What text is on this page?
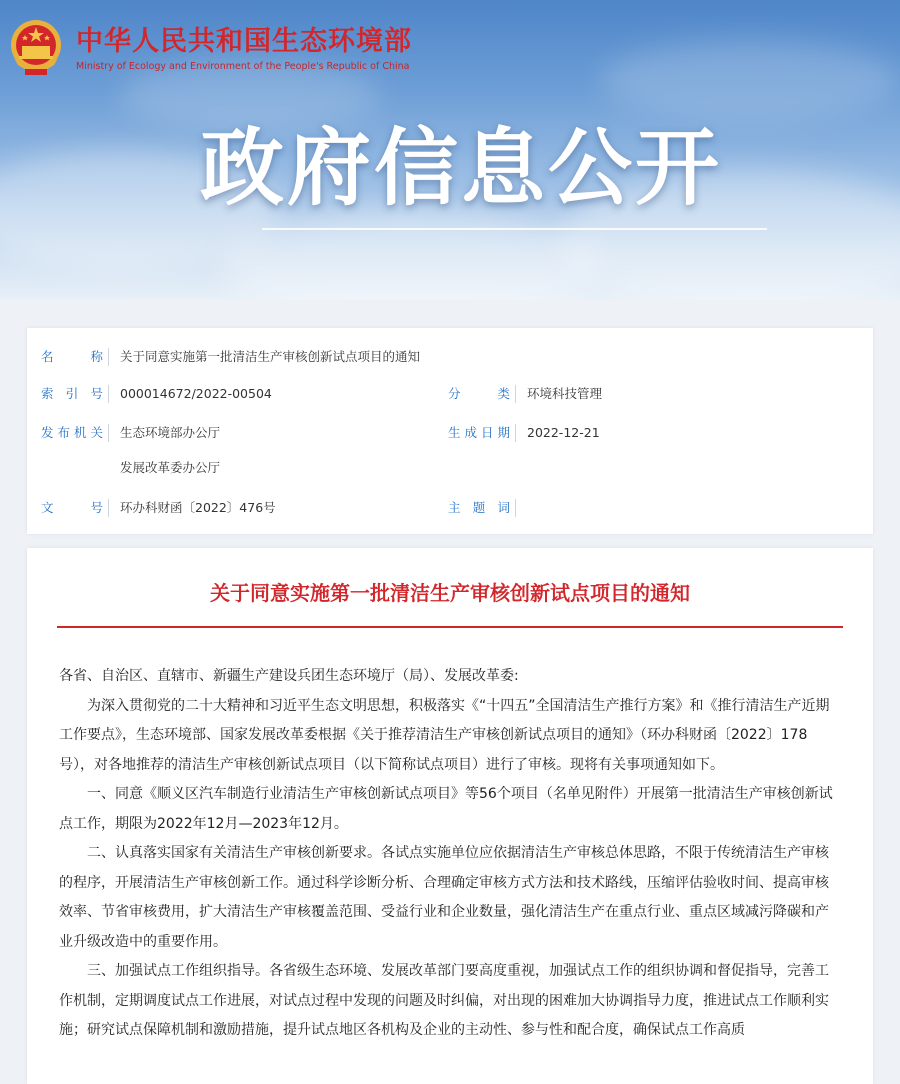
中华人民共和国生态环境部
Ministry of Ecology and Environment of the People's Republic of China
政府信息公开
名 称 关于同意实施第一批清洁生产审核创新试点项目的通知
索 引 号 000014672/2022-00504	分 类 环境科技管理
发布机关 生态环境部办公厅	生成日期 2022-12-21
发展改革委办公厅
文 号 环办科财函〔2022〕476号	主 题 词
关于同意实施第一批清洁生产审核创新试点项目的通知

各省、自治区、直辖市、新疆生产建设兵团生态环境厅（局）、发展改革委:

为深入贯彻党的二十大精神和习近平生态文明思想，积极落实《“十四五”全国清洁生产推行方案》和《推行清洁生产近期工作要点》，生态环境部、国家发展改革委根据《关于推荐清洁生产审核创新试点项目的通知》（环办科财函〔2022〕178号），对各地推荐的清洁生产审核创新试点项目（以下简称试点项目）进行了审核。现将有关事项通知如下。

一、同意《顺义区汽车制造行业清洁生产审核创新试点项目》等56个项目（名单见附件）开展第一批清洁生产审核创新试点工作，期限为2022年12月—2023年12月。

二、认真落实国家有关清洁生产审核创新要求。各试点实施单位应依据清洁生产审核总体思路，不限于传统清洁生产审核的程序，开展清洁生产审核创新工作。通过科学诊断分析、合理确定审核方式方法和技术路线，压缩评估验收时间、提高审核效率、节省审核费用，扩大清洁生产审核覆盖范围、受益行业和企业数量，强化清洁生产在重点行业、重点区域减污降碳和产业升级改造中的重要作用。

三、加强试点工作组织指导。各省级生态环境、发展改革部门要高度重视，加强试点工作的组织协调和督促指导，完善工作机制，定期调度试点工作进展，对试点过程中发现的问题及时纠偏，对出现的困难加大协调指导力度，推进试点工作顺利实施；研究试点保障机制和激励措施，提升试点地区各机构及企业的主动性、参与性和配合度，确保试点工作高质
